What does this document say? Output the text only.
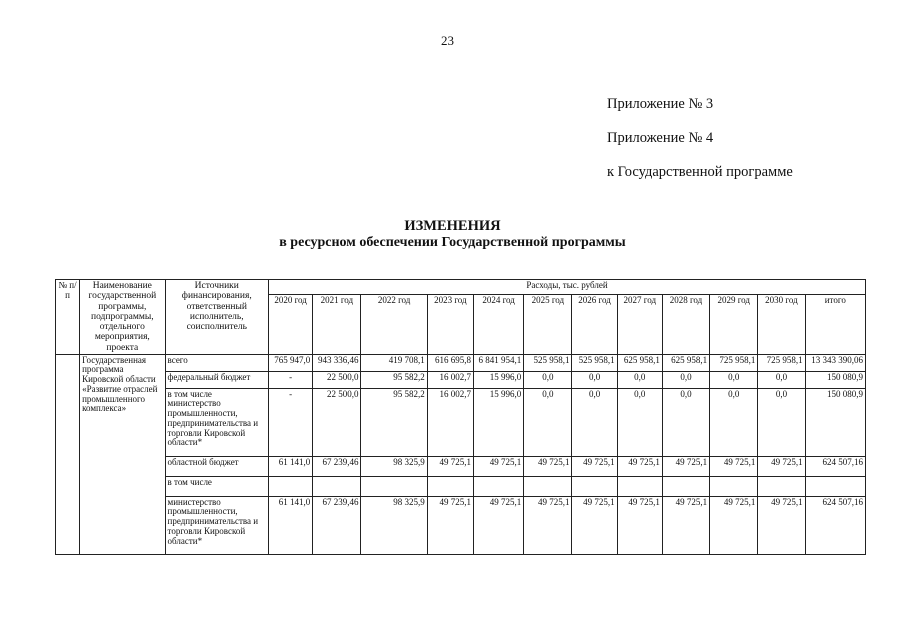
23
Приложение № 3
Приложение № 4
к Государственной программе
ИЗМЕНЕНИЯ
в ресурсном обеспечении Государственной программы
№ п/п	Наименование государственной программы, подпрограммы, отдельного мероприятия, проекта	Источники финансирования, ответственный исполнитель, соисполнитель	Расходы, тыс. рублей											
			2020 год	2021 год	2022 год	2023 год	2024 год	2025 год	2026 год	2027 год	2028 год	2029 год	2030 год	итого
	Государственная программа Кировской области «Развитие отраслей промышленного комплекса»	всего	765 947,0	943 336,46	419 708,1	616 695,8	6 841 954,1	525 958,1	525 958,1	625 958,1	625 958,1	725 958,1	725 958,1	13 343 390,06
		федеральный бюджет	-	22 500,0	95 582,2	16 002,7	15 996,0	0,0	0,0	0,0	0,0	0,0	0,0	150 080,9
		в том числе министерство промышленности, предпринимательства и торговли Кировской области*	-	22 500,0	95 582,2	16 002,7	15 996,0	0,0	0,0	0,0	0,0	0,0	0,0	150 080,9
		областной бюджет	61 141,0	67 239,46	98 325,9	49 725,1	49 725,1	49 725,1	49 725,1	49 725,1	49 725,1	49 725,1	49 725,1	624 507,16
		в том числе												
		министерство промышленности, предпринимательства и торговли Кировской области*	61 141,0	67 239,46	98 325,9	49 725,1	49 725,1	49 725,1	49 725,1	49 725,1	49 725,1	49 725,1	49 725,1	624 507,16
